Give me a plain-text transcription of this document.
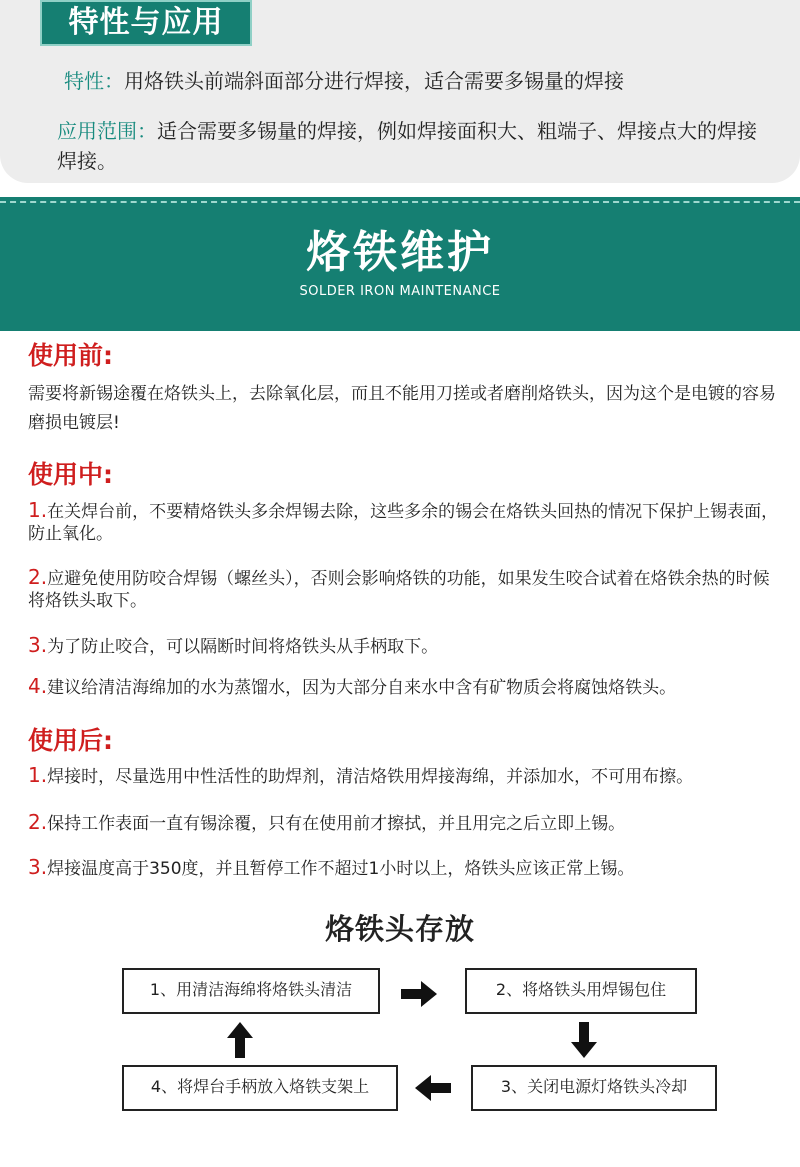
特性与应用
特性：用烙铁头前端斜面部分进行焊接，适合需要多锡量的焊接
应用范围：适合需要多锡量的焊接，例如焊接面积大、粗端子、焊接点大的焊接焊接。
烙铁维护
SOLDER IRON MAINTENANCE
使用前:
需要将新锡途覆在烙铁头上，去除氧化层，而且不能用刀搓或者磨削烙铁头，因为这个是电镀的容易磨损电镀层!
使用中:
1.在关焊台前，不要精烙铁头多余焊锡去除，这些多余的锡会在烙铁头回热的情况下保护上锡表面，防止氧化。
2.应避免使用防咬合焊锡（螺丝头），否则会影响烙铁的功能，如果发生咬合试着在烙铁余热的时候将烙铁头取下。
3.为了防止咬合，可以隔断时间将烙铁头从手柄取下。
4.建议给清洁海绵加的水为蒸馏水，因为大部分自来水中含有矿物质会将腐蚀烙铁头。
使用后:
1.焊接时，尽量选用中性活性的助焊剂，清洁烙铁用焊接海绵，并添加水，不可用布擦。
2.保持工作表面一直有锡涂覆，只有在使用前才擦拭，并且用完之后立即上锡。
3.焊接温度高于350度，并且暂停工作不超过1小时以上，烙铁头应该正常上锡。
烙铁头存放
1、用清洁海绵将烙铁头清洁	2、将烙铁头用焊锡包住
3、关闭电源灯烙铁头冷却
4、将焊台手柄放入烙铁支架上
